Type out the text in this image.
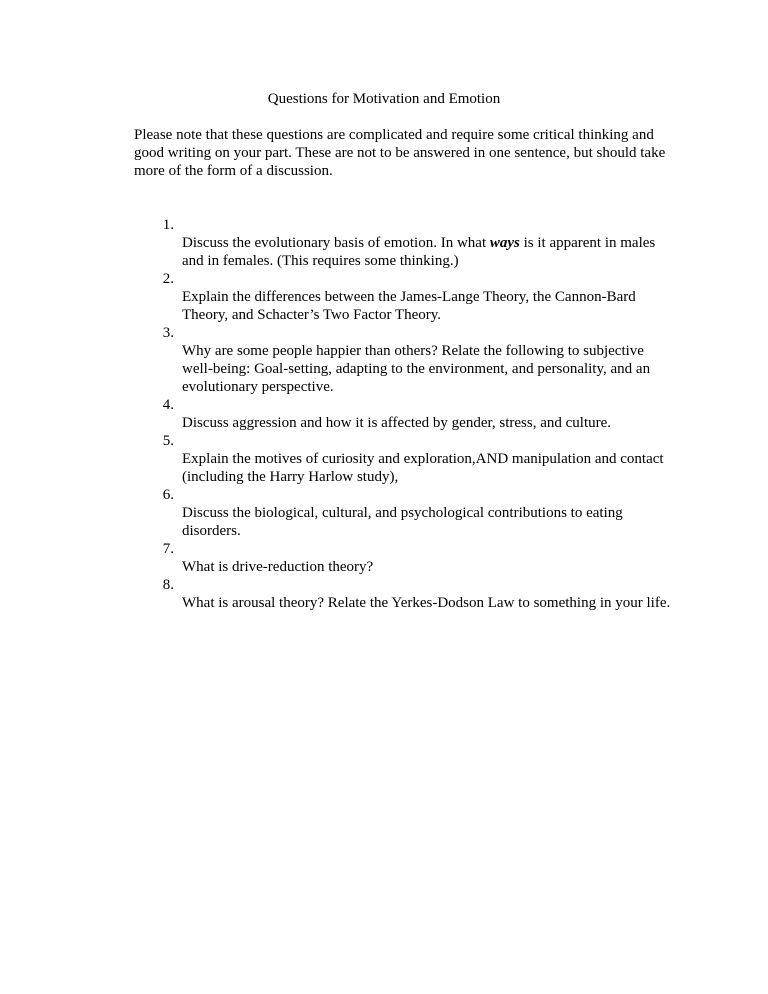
Questions for Motivation and Emotion
Please note that these questions are complicated and require some critical thinking and
good writing on your part. These are not to be answered in one sentence, but should take
more of the form of a discussion.

1.
Discuss the evolutionary basis of emotion. In what ways is it apparent in males
and in females. (This requires some thinking.)

2.
Explain the differences between the James-Lange Theory, the Cannon-Bard
Theory, and Schacter’s Two Factor Theory.

3.
Why are some people happier than others? Relate the following to subjective
well-being: Goal-setting, adapting to the environment, and personality, and an
evolutionary perspective.

4.
Discuss aggression and how it is affected by gender, stress, and culture.

5.
Explain the motives of curiosity and exploration,AND manipulation and contact
(including the Harry Harlow study),

6.
Discuss the biological, cultural, and psychological contributions to eating
disorders.

7.
What is drive-reduction theory?

8.
What is arousal theory? Relate the Yerkes-Dodson Law to something in your life.
